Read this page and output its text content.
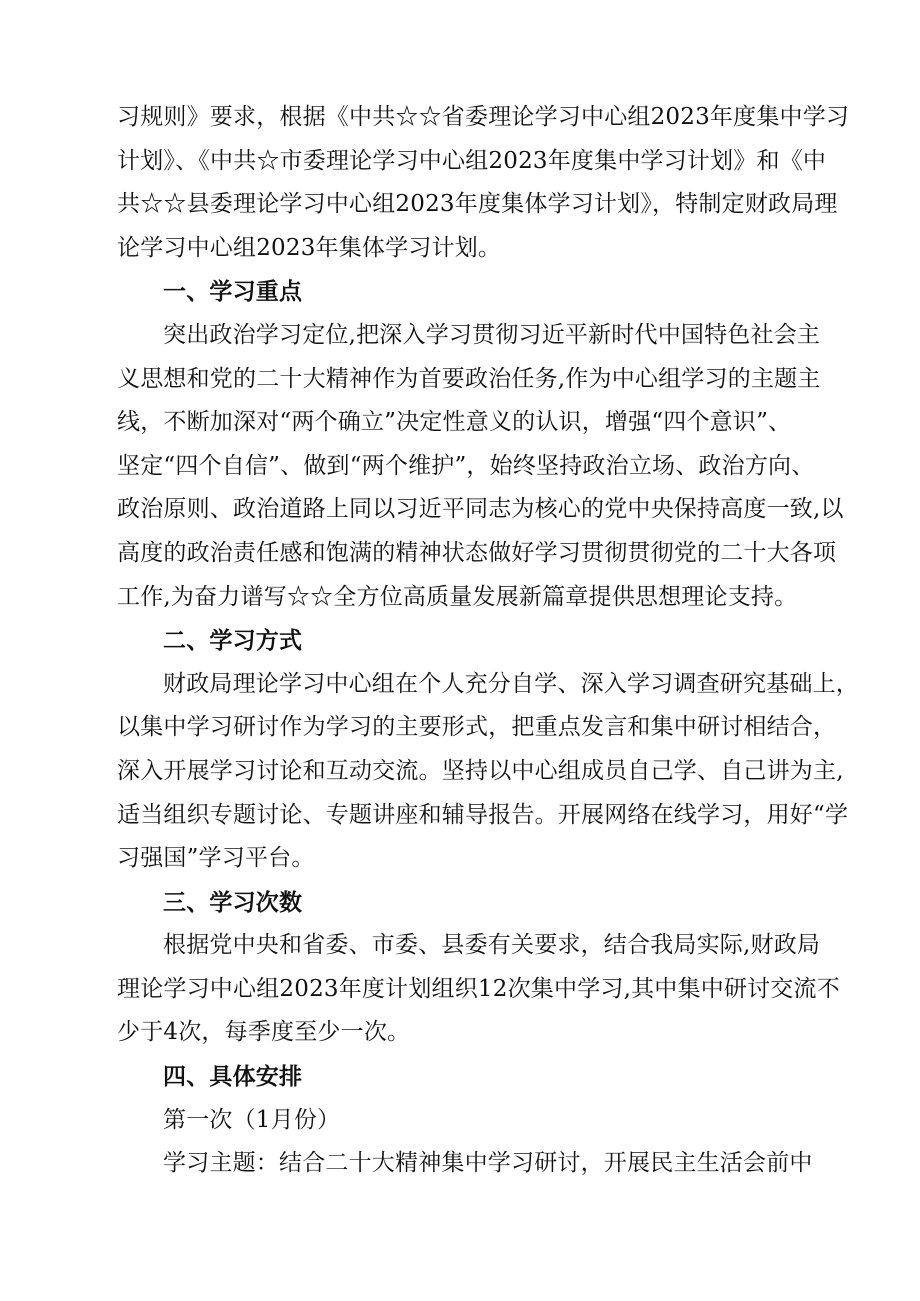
习规则》要求，根据《中共☆☆省委理论学习中心组2023年度集中学习
计划》、《中共☆市委理论学习中心组2023年度集中学习计划》和《中
共☆☆县委理论学习中心组2023年度集体学习计划》，特制定财政局理
论学习中心组2023年集体学习计划。
一、学习重点
突出政治学习定位,把深入学习贯彻习近平新时代中国特色社会主
义思想和党的二十大精神作为首要政治任务,作为中心组学习的主题主
线，不断加深对“两个确立”决定性意义的认识，增强“四个意识”、
坚定“四个自信”、做到“两个维护”，始终坚持政治立场、政治方向、
政治原则、政治道路上同以习近平同志为核心的党中央保持高度一致,以
高度的政治责任感和饱满的精神状态做好学习贯彻贯彻党的二十大各项
工作,为奋力谱写☆☆全方位高质量发展新篇章提供思想理论支持。
二、学习方式
财政局理论学习中心组在个人充分自学、深入学习调查研究基础上，
以集中学习研讨作为学习的主要形式，把重点发言和集中研讨相结合，
深入开展学习讨论和互动交流。坚持以中心组成员自己学、自己讲为主,
适当组织专题讨论、专题讲座和辅导报告。开展网络在线学习，用好“学
习强国”学习平台。
三、学习次数
根据党中央和省委、市委、县委有关要求，结合我局实际,财政局
理论学习中心组2023年度计划组织12次集中学习,其中集中研讨交流不
少于4次，每季度至少一次。
四、具体安排
第一次（1月份）
学习主题：结合二十大精神集中学习研讨，开展民主生活会前中
